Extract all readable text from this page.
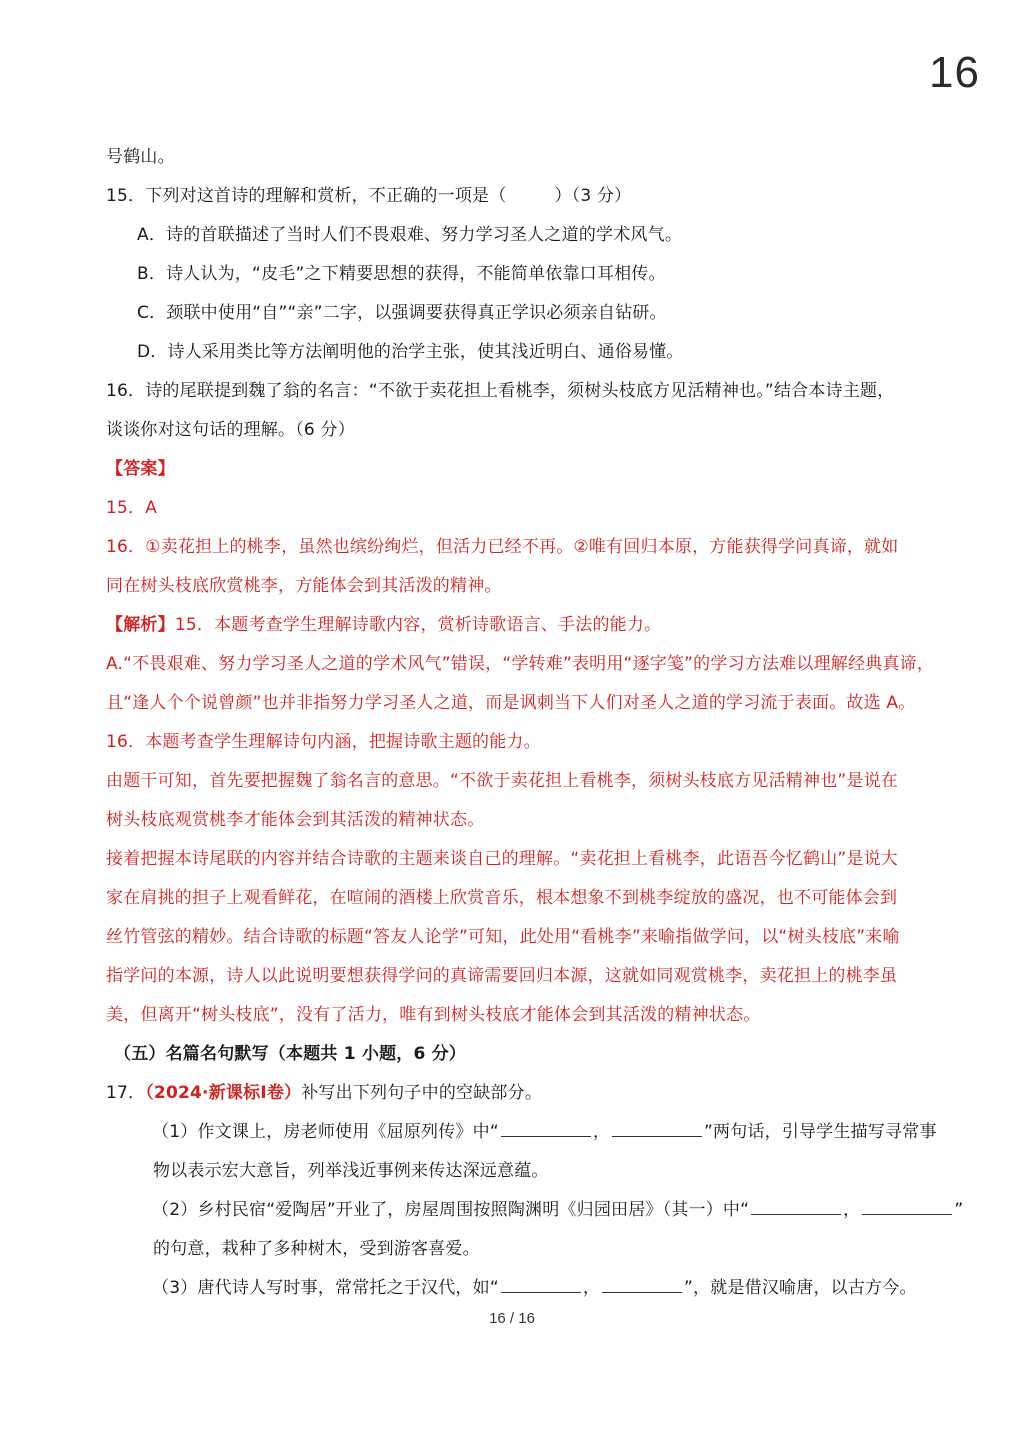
16
号鹤山。
15．下列对这首诗的理解和赏析，不正确的一项是（	）（3 分）
A．诗的首联描述了当时人们不畏艰难、努力学习圣人之道的学术风气。
B．诗人认为，“皮毛”之下精要思想的获得，不能简单依靠口耳相传。
C．颈联中使用“自”“亲”二字，以强调要获得真正学识必须亲自钻研。
D．诗人采用类比等方法阐明他的治学主张，使其浅近明白、通俗易懂。
16．诗的尾联提到魏了翁的名言：“不欲于卖花担上看桃李，须树头枝底方见活精神也。”结合本诗主题，
谈谈你对这句话的理解。（6 分）
【答案】
15．A
16．①卖花担上的桃李，虽然也缤纷绚烂，但活力已经不再。②唯有回归本原，方能获得学问真谛，就如
同在树头枝底欣赏桃李，方能体会到其活泼的精神。
【解析】15．本题考查学生理解诗歌内容，赏析诗歌语言、手法的能力。
A.“不畏艰难、努力学习圣人之道的学术风气”错误，“学转难”表明用“逐字笺”的学习方法难以理解经典真谛，
且“逢人个个说曾颜”也并非指努力学习圣人之道，而是讽刺当下人们对圣人之道的学习流于表面。故选 A。
16．本题考查学生理解诗句内涵，把握诗歌主题的能力。
由题干可知，首先要把握魏了翁名言的意思。“不欲于卖花担上看桃李，须树头枝底方见活精神也”是说在
树头枝底观赏桃李才能体会到其活泼的精神状态。
接着把握本诗尾联的内容并结合诗歌的主题来谈自己的理解。“卖花担上看桃李，此语吾今忆鹤山”是说大
家在肩挑的担子上观看鲜花，在喧闹的酒楼上欣赏音乐，根本想象不到桃李绽放的盛况，也不可能体会到
丝竹管弦的精妙。结合诗歌的标题“答友人论学”可知，此处用“看桃李”来喻指做学问，以“树头枝底”来喻
指学问的本源，诗人以此说明要想获得学问的真谛需要回归本源，这就如同观赏桃李，卖花担上的桃李虽
美，但离开“树头枝底”，没有了活力，唯有到树头枝底才能体会到其活泼的精神状态。
（五）名篇名句默写（本题共 1 小题，6 分）
17．（2024·新课标Ⅰ卷）补写出下列句子中的空缺部分。
（1）作文课上，房老师使用《屈原列传》中“	，	”两句话，引导学生描写寻常事
物以表示宏大意旨，列举浅近事例来传达深远意蕴。
（2）乡村民宿“爱陶居”开业了，房屋周围按照陶渊明《归园田居》（其一）中“	，	”
的句意，栽种了多种树木，受到游客喜爱。
（3）唐代诗人写时事，常常托之于汉代，如“	，	”，就是借汉喻唐，以古方今。
16 / 16
